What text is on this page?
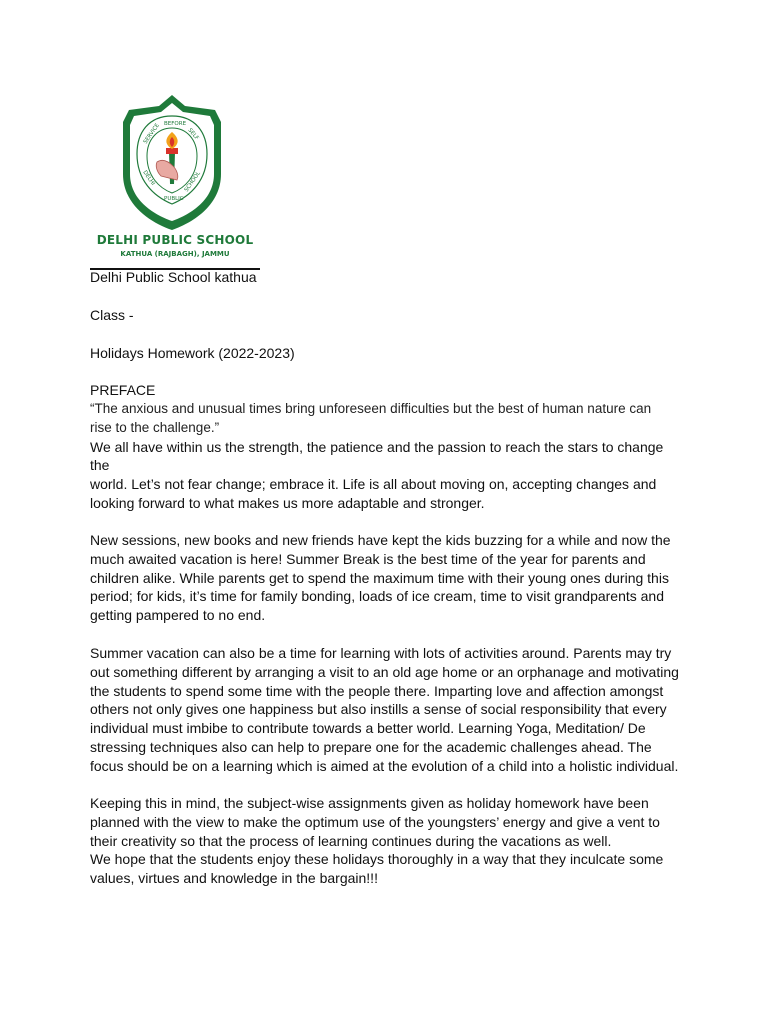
SERVICE BEFORE
SELF
DELHI
PUBLIC
SCHOOL
DELHI PUBLIC SCHOOL
KATHUA (RAJBAGH), JAMMU
Delhi Public School kathua
Class -
Holidays Homework (2022-2023)
PREFACE

“The anxious and unusual times bring unforeseen difficulties but the best of human nature can

rise to the challenge.”

We all have within us the strength, the patience and the passion to reach the stars to change

the

world. Let’s not fear change; embrace it. Life is all about moving on, accepting changes and

looking forward to what makes us more adaptable and stronger.

New sessions, new books and new friends have kept the kids buzzing for a while and now the

much awaited vacation is here! Summer Break is the best time of the year for parents and

children alike. While parents get to spend the maximum time with their young ones during this

period; for kids, it’s time for family bonding, loads of ice cream, time to visit grandparents and

getting pampered to no end.

Summer vacation can also be a time for learning with lots of activities around. Parents may try

out something different by arranging a visit to an old age home or an orphanage and motivating

the students to spend some time with the people there. Imparting love and affection amongst

others not only gives one happiness but also instills a sense of social responsibility that every

individual must imbibe to contribute towards a better world. Learning Yoga, Meditation/ De

stressing techniques also can help to prepare one for the academic challenges ahead. The

focus should be on a learning which is aimed at the evolution of a child into a holistic individual.

Keeping this in mind, the subject-wise assignments given as holiday homework have been

planned with the view to make the optimum use of the youngsters’ energy and give a vent to

their creativity so that the process of learning continues during the vacations as well.

We hope that the students enjoy these holidays thoroughly in a way that they inculcate some

values, virtues and knowledge in the bargain!!!
